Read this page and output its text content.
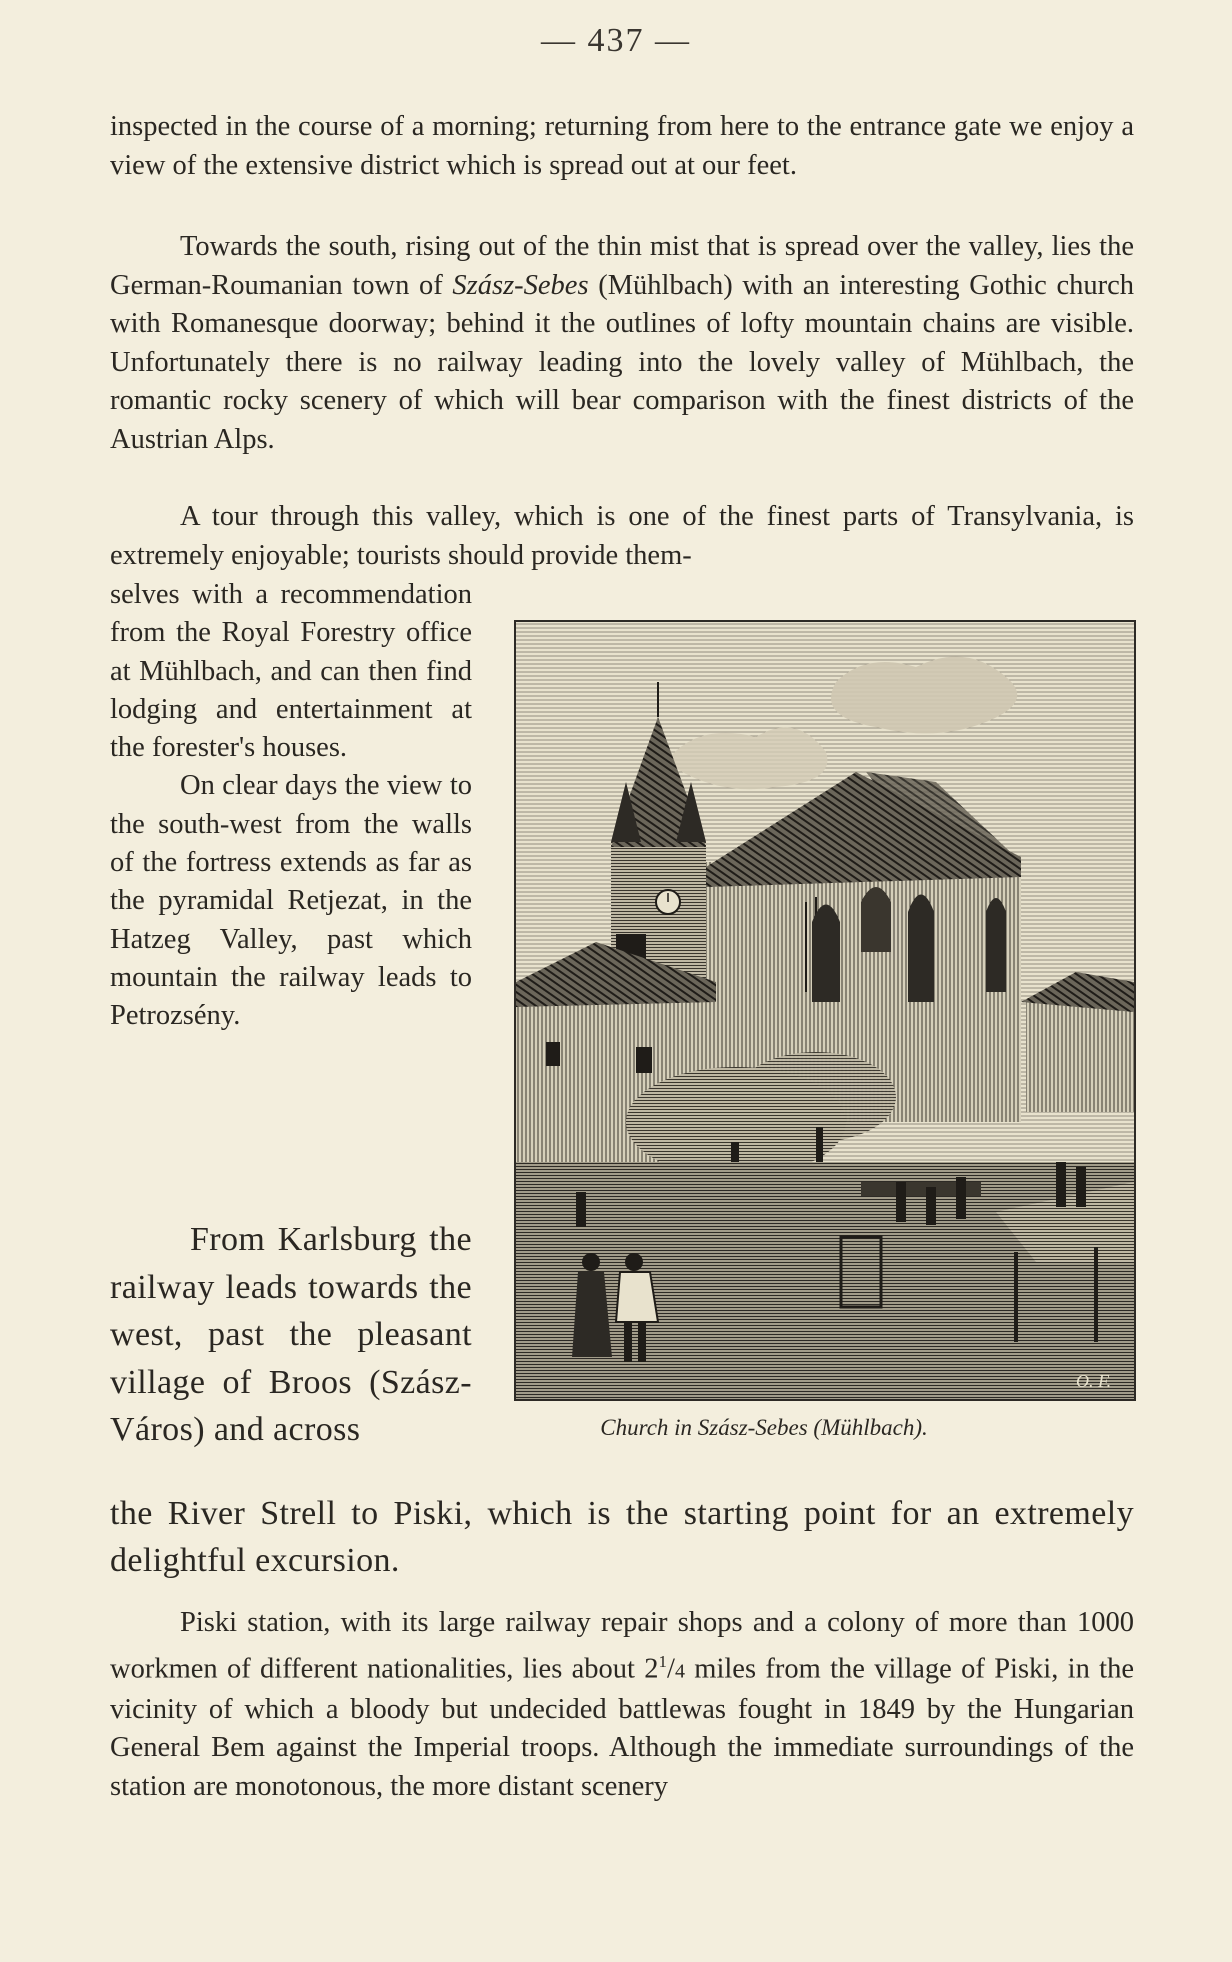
— 437 —

inspected in the course of a morning; returning from here to the entrance gate we enjoy a view of the extensive district which is spread out at our feet.

Towards the south, rising out of the thin mist that is spread over the valley, lies the German-Roumanian town of Szász-Sebes (Mühlbach) with an interesting Gothic church with Romanesque doorway; behind it the outlines of lofty mountain chains are visible. Unfortunately there is no railway leading into the lovely valley of Mühlbach, the romantic rocky scenery of which will bear comparison with the finest districts of the Austrian Alps.

A tour through this valley, which is one of the finest parts of Transylvania, is extremely enjoyable; tourists should provide them-

selves with a recommendation from the Royal Forestry office at Mühlbach, and can then find lodging and entertainment at the forester's houses.

On clear days the view to the south-west from the walls of the fortress extends as far as the pyramidal Retjezat, in the Hatzeg Valley, past which mountain the railway leads to Petrozsény.

From Karlsburg the railway leads towards the west, past the pleasant village of Broos (Szász-Város) and across

the River Strell to Piski, which is the starting point for an extremely delightful excursion.

Piski station, with its large railway repair shops and a colony of more than 1000 workmen of different nationalities, lies about $2^1/4$ miles from the village of Piski, in the vicinity of which a bloody but undecided battlewas fought in 1849 by the Hungarian General Bem against the Imperial troops. Although the immediate surroundings of the station are monotonous, the more distant scenery

O. F.
Church in Szász-Sebes (Mühlbach).
